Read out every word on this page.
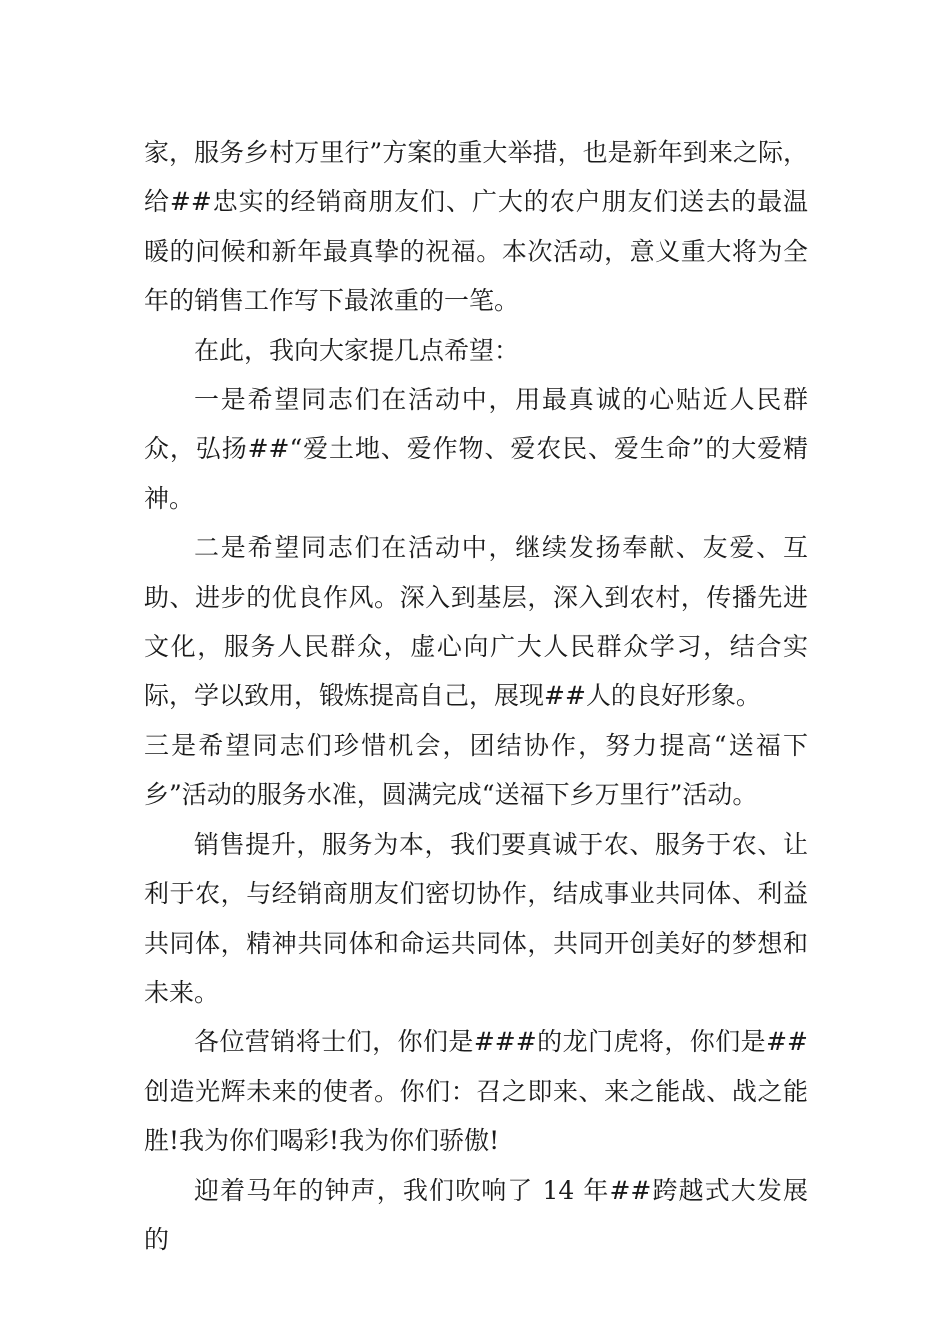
家，服务乡村万里行”方案的重大举措，也是新年到来之际，给##忠实的经销商朋友们、广大的农户朋友们送去的最温暖的问候和新年最真挚的祝福。本次活动，意义重大将为全年的销售工作写下最浓重的一笔。

在此，我向大家提几点希望：

一是希望同志们在活动中，用最真诚的心贴近人民群众，弘扬##“爱土地、爱作物、爱农民、爱生命”的大爱精神。

二是希望同志们在活动中，继续发扬奉献、友爱、互助、进步的优良作风。深入到基层，深入到农村，传播先进文化，服务人民群众，虚心向广大人民群众学习，结合实际，学以致用，锻炼提高自己，展现##人的良好形象。

三是希望同志们珍惜机会，团结协作，努力提高“送福下乡”活动的服务水准，圆满完成“送福下乡万里行”活动。

销售提升，服务为本，我们要真诚于农、服务于农、让利于农，与经销商朋友们密切协作，结成事业共同体、利益共同体，精神共同体和命运共同体，共同开创美好的梦想和未来。

各位营销将士们，你们是###的龙门虎将，你们是##创造光辉未来的使者。你们：召之即来、来之能战、战之能胜!我为你们喝彩!我为你们骄傲!

迎着马年的钟声，我们吹响了 14 年##跨越式大发展的
